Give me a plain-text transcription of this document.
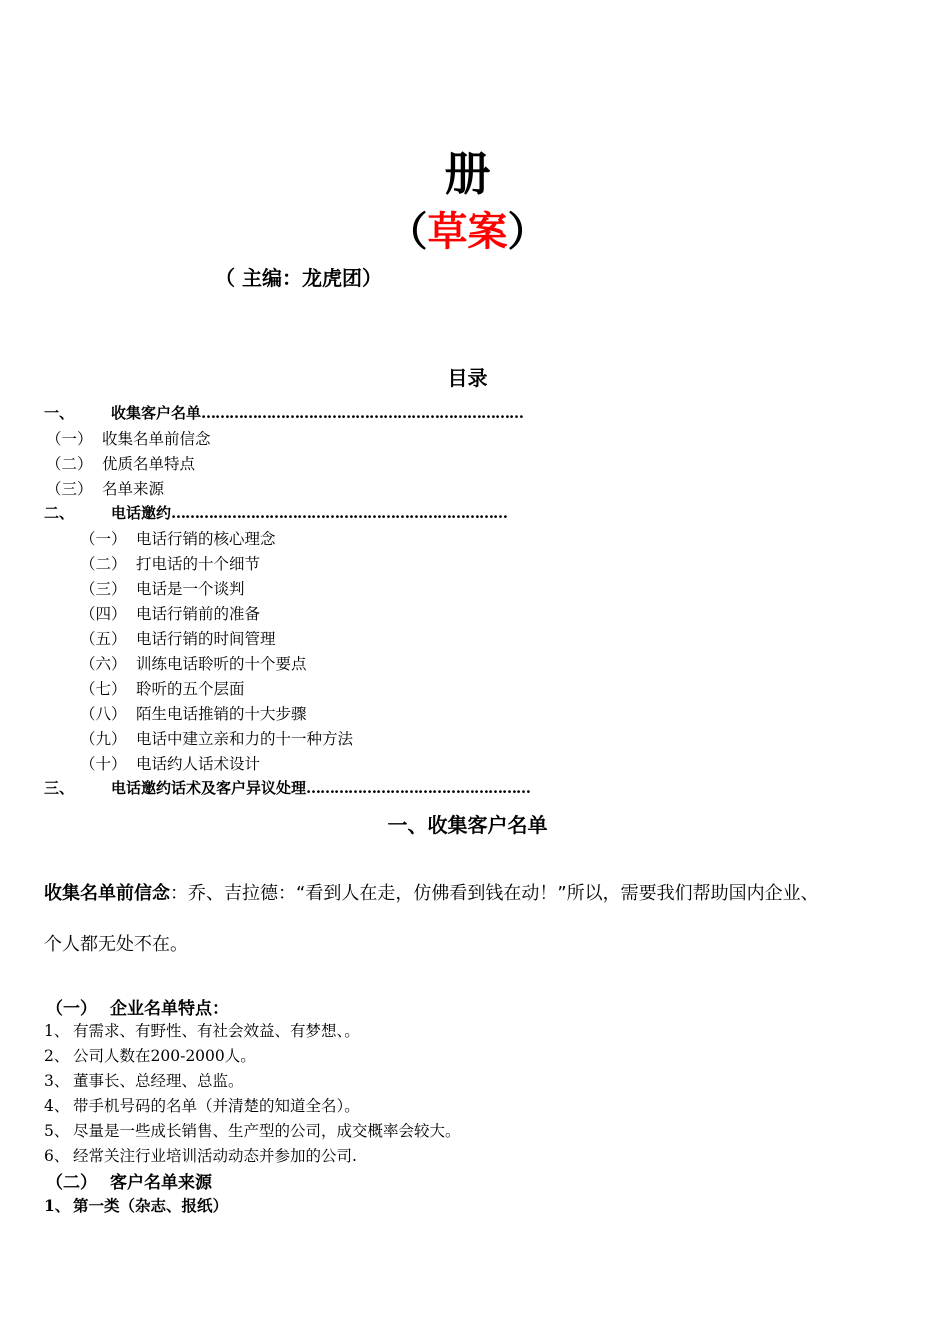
册
（草案）
（ 主编：龙虎团）
目录
一、 收集客户名单……………………………………………………………
（一） 收集名单前信念
（二） 优质名单特点
（三） 名单来源
二、 电话邀约………………………………………………………………
（一） 电话行销的核心理念
（二） 打电话的十个细节
（三） 电话是一个谈判
（四） 电话行销前的准备
（五） 电话行销的时间管理
（六） 训练电话聆听的十个要点
（七） 聆听的五个层面
（八） 陌生电话推销的十大步骤
（九） 电话中建立亲和力的十一种方法
（十） 电话约人话术设计
三、 电话邀约话术及客户异议处理…………………………………………
一、收集客户名单
收集名单前信念：乔、吉拉德：“看到人在走，仿佛看到钱在动！”所以，需要我们帮助国内企业、
个人都无处不在。
（一） 企业名单特点：
1、 有需求、有野性、有社会效益、有梦想、。
2、 公司人数在200-2000人。
3、 董事长、总经理、总监。
4、 带手机号码的名单（并清楚的知道全名）。
5、 尽量是一些成长销售、生产型的公司，成交概率会较大。
6、 经常关注行业培训活动动态并参加的公司.
（二） 客户名单来源
1、 第一类（杂志、报纸）
